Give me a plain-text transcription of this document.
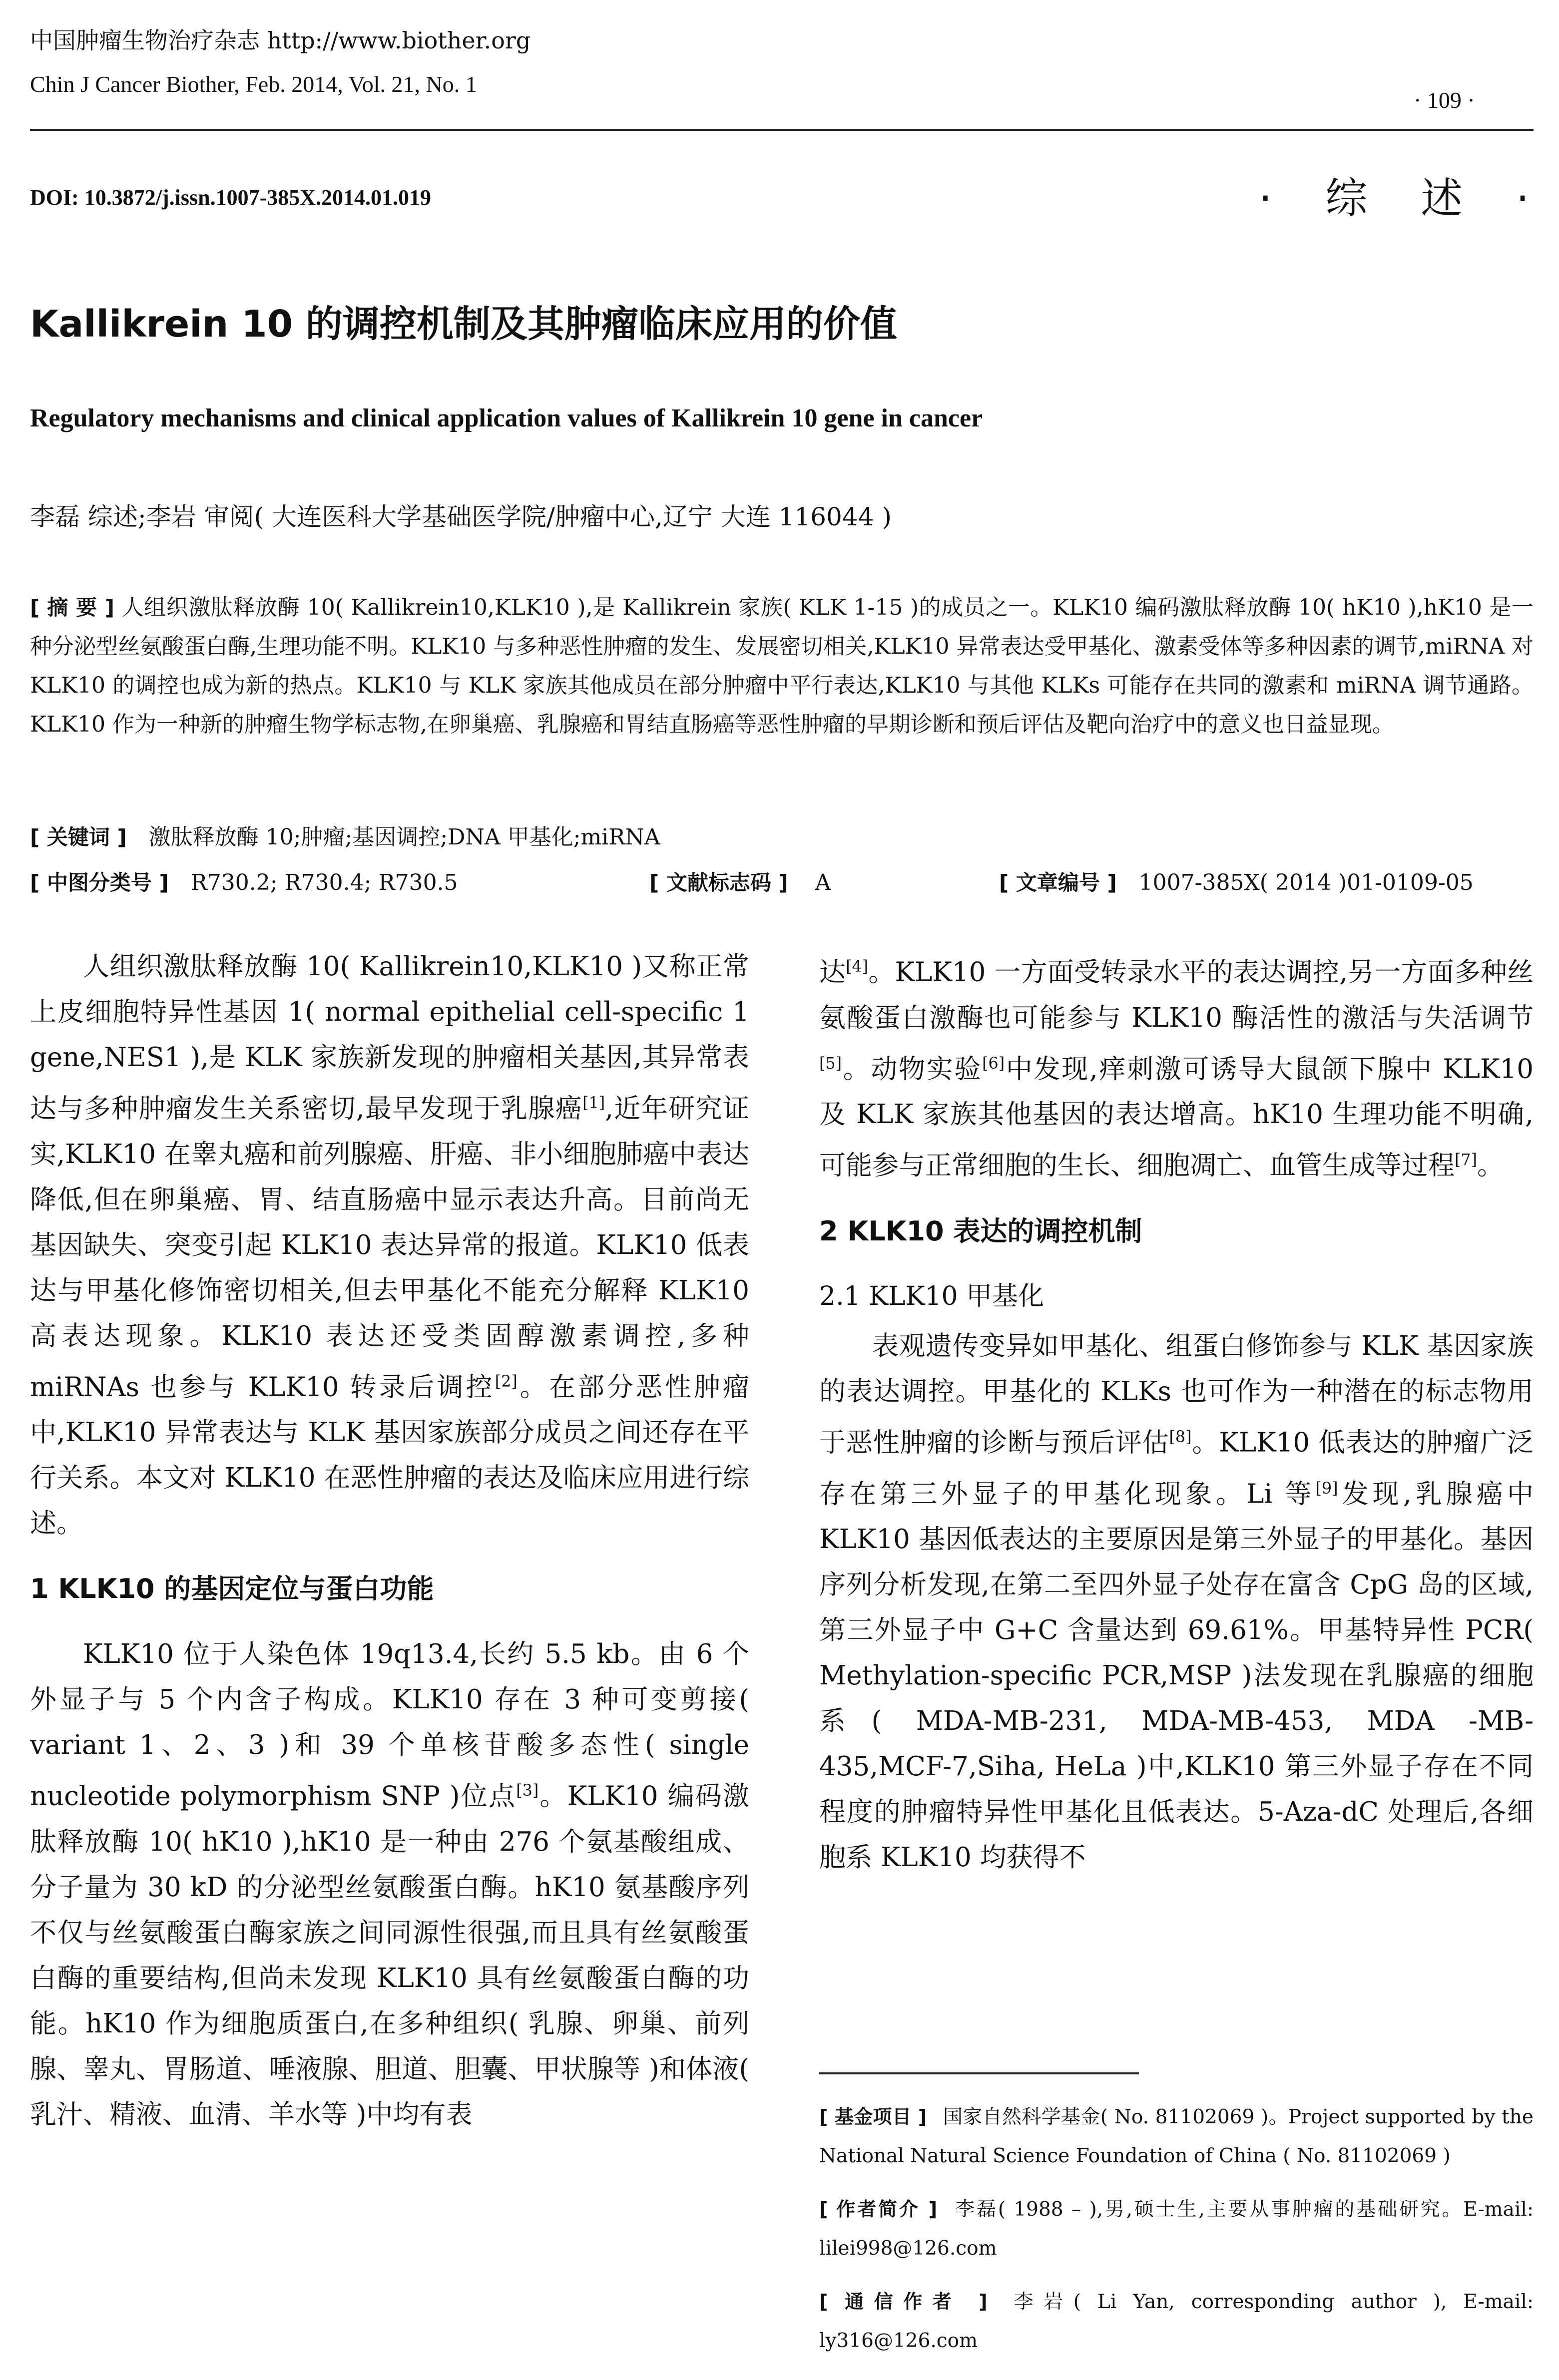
中国肿瘤生物治疗杂志 http://www.biother.org
Chin J Cancer Biother, Feb. 2014, Vol. 21, No. 1
· 109 ·
DOI: 10.3872/j.issn.1007-385X.2014.01.019	· 综 述 ·
Kallikrein 10 的调控机制及其肿瘤临床应用的价值
Regulatory mechanisms and clinical application values of Kallikrein 10 gene in cancer
李磊 综述;李岩 审阅( 大连医科大学基础医学院/肿瘤中心,辽宁 大连 116044 )
[ 摘 要 ] 人组织激肽释放酶 10( Kallikrein10,KLK10 ),是 Kallikrein 家族( KLK 1-15 )的成员之一。KLK10 编码激肽释放酶 10( hK10 ),hK10 是一种分泌型丝氨酸蛋白酶,生理功能不明。KLK10 与多种恶性肿瘤的发生、发展密切相关,KLK10 异常表达受甲基化、激素受体等多种因素的调节,miRNA 对 KLK10 的调控也成为新的热点。KLK10 与 KLK 家族其他成员在部分肿瘤中平行表达,KLK10 与其他 KLKs 可能存在共同的激素和 miRNA 调节通路。KLK10 作为一种新的肿瘤生物学标志物,在卵巢癌、乳腺癌和胃结直肠癌等恶性肿瘤的早期诊断和预后评估及靶向治疗中的意义也日益显现。
[ 关键词 ] 激肽释放酶 10;肿瘤;基因调控;DNA 甲基化;miRNA
[ 中图分类号 ] R730.2; R730.4; R730.5	[ 文献标志码 ] A	[ 文章编号 ] 1007-385X( 2014 )01-0109-05

人组织激肽释放酶 10( Kallikrein10,KLK10 )又称正常上皮细胞特异性基因 1( normal epithelial cell-specific 1 gene,NES1 ),是 KLK 家族新发现的肿瘤相关基因,其异常表达与多种肿瘤发生关系密切,最早发现于乳腺癌[1],近年研究证实,KLK10 在睾丸癌和前列腺癌、肝癌、非小细胞肺癌中表达降低,但在卵巢癌、胃、结直肠癌中显示表达升高。目前尚无基因缺失、突变引起 KLK10 表达异常的报道。KLK10 低表达与甲基化修饰密切相关,但去甲基化不能充分解释 KLK10 高表达现象。KLK10 表达还受类固醇激素调控,多种 miRNAs 也参与 KLK10 转录后调控[2]。在部分恶性肿瘤中,KLK10 异常表达与 KLK 基因家族部分成员之间还存在平行关系。本文对 KLK10 在恶性肿瘤的表达及临床应用进行综述。

1 KLK10 的基因定位与蛋白功能

KLK10 位于人染色体 19q13.4,长约 5.5 kb。由 6 个外显子与 5 个内含子构成。KLK10 存在 3 种可变剪接( variant 1、2、3 )和 39 个单核苷酸多态性( single nucleotide polymorphism SNP )位点[3]。KLK10 编码激肽释放酶 10( hK10 ),hK10 是一种由 276 个氨基酸组成、分子量为 30 kD 的分泌型丝氨酸蛋白酶。hK10 氨基酸序列不仅与丝氨酸蛋白酶家族之间同源性很强,而且具有丝氨酸蛋白酶的重要结构,但尚未发现 KLK10 具有丝氨酸蛋白酶的功能。hK10 作为细胞质蛋白,在多种组织( 乳腺、卵巢、前列腺、睾丸、胃肠道、唾液腺、胆道、胆囊、甲状腺等 )和体液( 乳汁、精液、血清、羊水等 )中均有表

达[4]。KLK10 一方面受转录水平的表达调控,另一方面多种丝氨酸蛋白激酶也可能参与 KLK10 酶活性的激活与失活调节[5]。动物实验[6]中发现,痒刺激可诱导大鼠颌下腺中 KLK10 及 KLK 家族其他基因的表达增高。hK10 生理功能不明确,可能参与正常细胞的生长、细胞凋亡、血管生成等过程[7]。

2 KLK10 表达的调控机制
2.1 KLK10 甲基化

表观遗传变异如甲基化、组蛋白修饰参与 KLK 基因家族的表达调控。甲基化的 KLKs 也可作为一种潜在的标志物用于恶性肿瘤的诊断与预后评估[8]。KLK10 低表达的肿瘤广泛存在第三外显子的甲基化现象。Li 等[9]发现,乳腺癌中 KLK10 基因低表达的主要原因是第三外显子的甲基化。基因序列分析发现,在第二至四外显子处存在富含 CpG 岛的区域,第三外显子中 G+C 含量达到 69.61%。甲基特异性 PCR( Methylation-specific PCR,MSP )法发现在乳腺癌的细胞系( MDA-MB-231, MDA-MB-453, MDA -MB-435,MCF-7,Siha, HeLa )中,KLK10 第三外显子存在不同程度的肿瘤特异性甲基化且低表达。5-Aza-dC 处理后,各细胞系 KLK10 均获得不

[ 基金项目 ] 国家自然科学基金( No. 81102069 )。Project supported by the National Natural Science Foundation of China ( No. 81102069 )
[ 作者简介 ] 李磊( 1988 – ),男,硕士生,主要从事肿瘤的基础研究。E-mail: lilei998@126.com
[ 通信作者 ] 李岩( Li Yan, corresponding author ), E-mail: ly316@126.com
